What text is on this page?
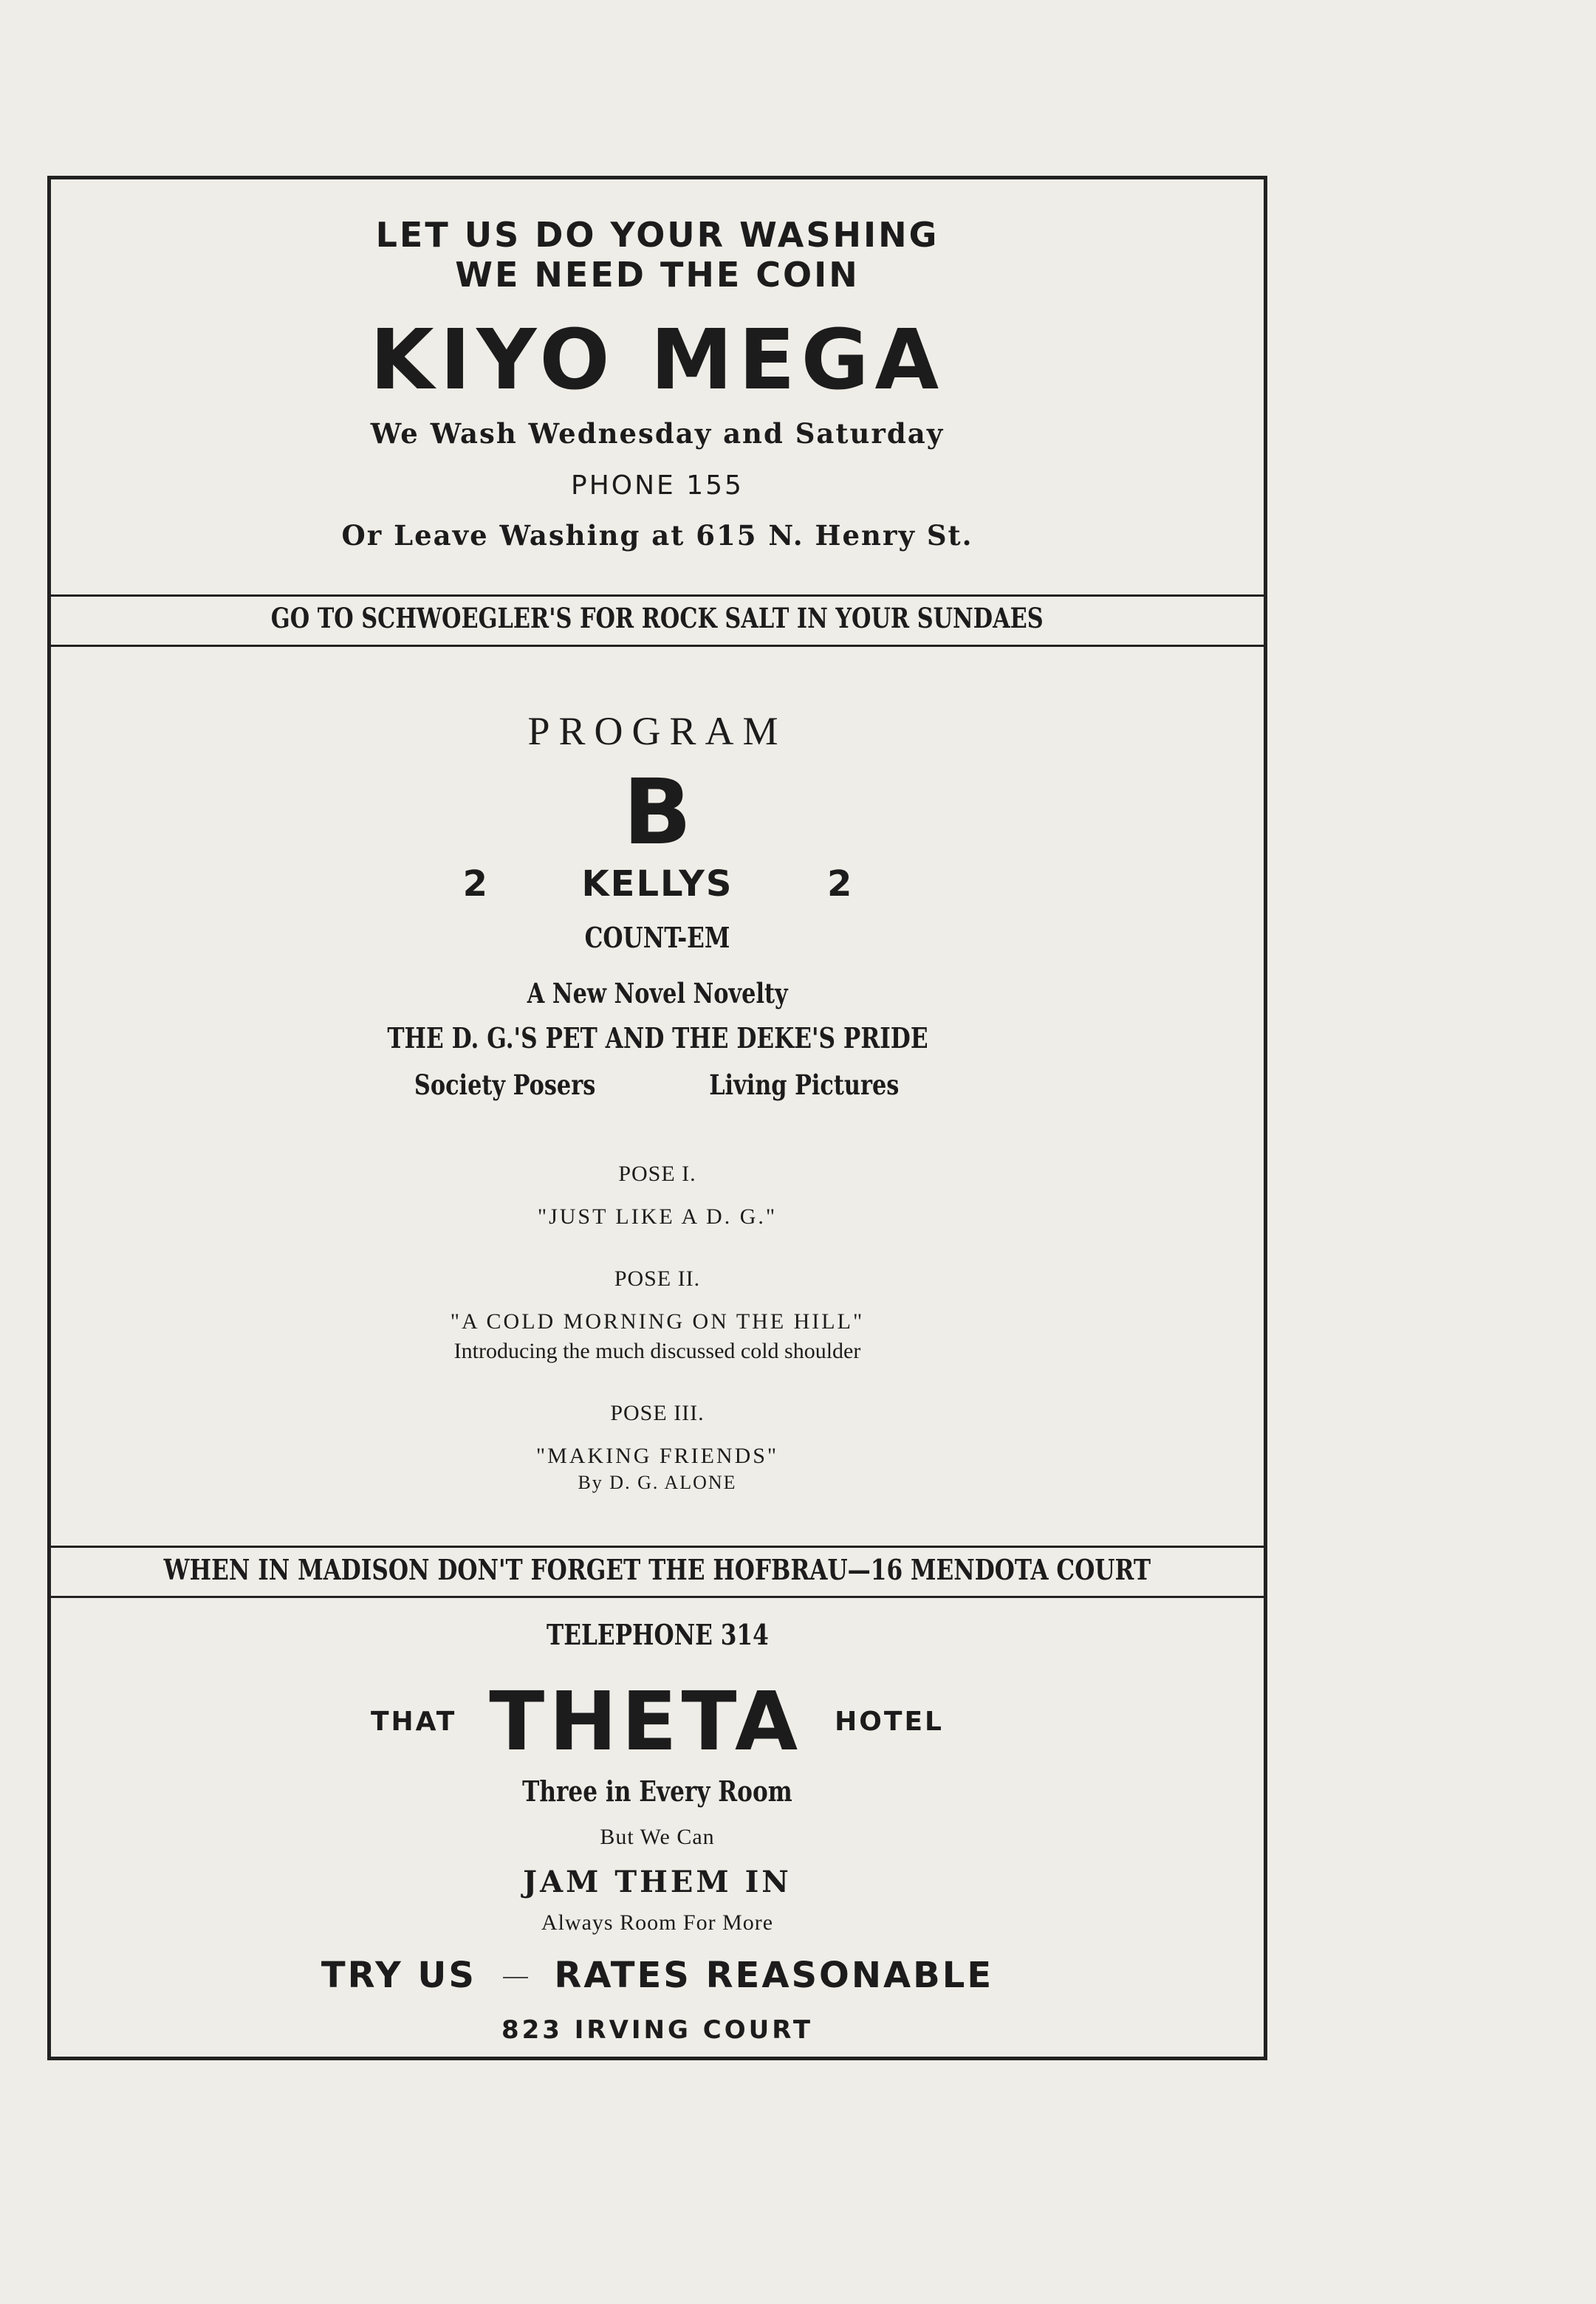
LET US DO YOUR WASHING
WE NEED THE COIN
KIYO MEGA
We Wash Wednesday and Saturday
PHONE 155
Or Leave Washing at 615 N. Henry St.
GO TO SCHWOEGLER'S FOR ROCK SALT IN YOUR SUNDAES
PROGRAM
B
2	KELLYS	2
COUNT-EM
A New Novel Novelty
THE D. G.'S PET AND THE DEKE'S PRIDE
Society Posers	Living Pictures
POSE I.
"JUST LIKE A D. G."
POSE II.
"A COLD MORNING ON THE HILL"
Introducing the much discussed cold shoulder
POSE III.
"MAKING FRIENDS"
By D. G. ALONE
WHEN IN MADISON DON'T FORGET THE HOFBRAU—16 MENDOTA COURT
TELEPHONE 314
THAT THETA HOTEL
Three in Every Room
But We Can
JAM THEM IN
Always Room For More
TRY US RATES REASONABLE
823 IRVING COURT
